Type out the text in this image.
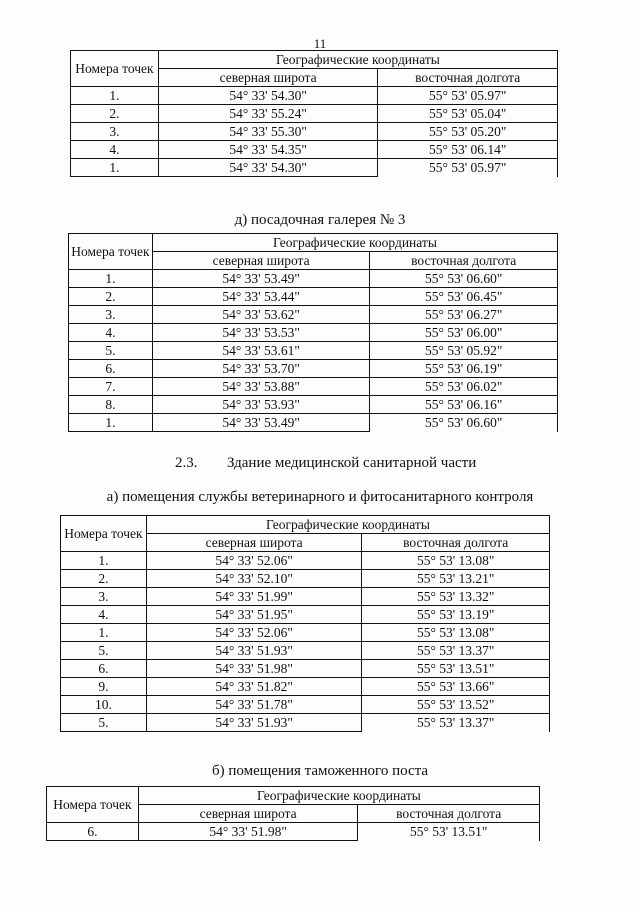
11
Номера точек	Географические координаты	
	северная широта	восточная долгота
1.	54° 33' 54.30"	55° 53' 05.97"
2.	54° 33' 55.24"	55° 53' 05.04"
3.	54° 33' 55.30"	55° 53' 05.20"
4.	54° 33' 54.35"	55° 53' 06.14"
1.	54° 33' 54.30"	55° 53' 05.97"
д) посадочная галерея № 3
Номера точек	Географические координаты	
	северная широта	восточная долгота
1.	54° 33' 53.49"	55° 53' 06.60"
2.	54° 33' 53.44"	55° 53' 06.45"
3.	54° 33' 53.62"	55° 53' 06.27"
4.	54° 33' 53.53"	55° 53' 06.00"
5.	54° 33' 53.61"	55° 53' 05.92"
6.	54° 33' 53.70"	55° 53' 06.19"
7.	54° 33' 53.88"	55° 53' 06.02"
8.	54° 33' 53.93"	55° 53' 06.16"
1.	54° 33' 53.49"	55° 53' 06.60"
2.3. Здание медицинской санитарной части
а) помещения службы ветеринарного и фитосанитарного контроля
Номера точек	Географические координаты	
	северная широта	восточная долгота
1.	54° 33' 52.06"	55° 53' 13.08"
2.	54° 33' 52.10"	55° 53' 13.21"
3.	54° 33' 51.99"	55° 53' 13.32"
4.	54° 33' 51.95"	55° 53' 13.19"
1.	54° 33' 52.06"	55° 53' 13.08"
5.	54° 33' 51.93"	55° 53' 13.37"
6.	54° 33' 51.98"	55° 53' 13.51"
9.	54° 33' 51.82"	55° 53' 13.66"
10.	54° 33' 51.78"	55° 53' 13.52"
5.	54° 33' 51.93"	55° 53' 13.37"
б) помещения таможенного поста
Номера точек	Географические координаты	
	северная широта	восточная долгота
6.	54° 33' 51.98"	55° 53' 13.51"
